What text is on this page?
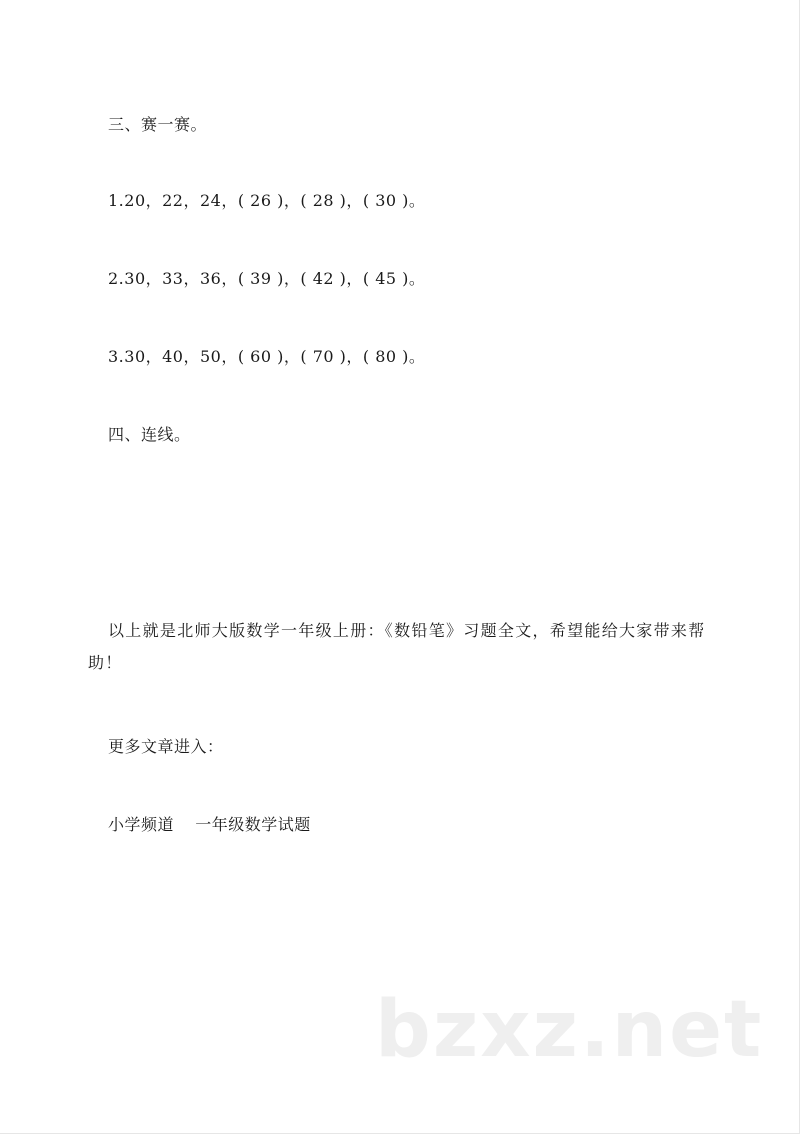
三、赛一赛。
1.20，22，24，( 26 )，( 28 )，( 30 )。
2.30，33，36，( 39 )，( 42 )，( 45 )。
3.30，40，50，( 60 )，( 70 )，( 80 )。
四、连线。
以上就是北师大版数学一年级上册：《数铅笔》习题全文，希望能给大家带来帮助！
更多文章进入：
小学频道 一年级数学试题
bzxz.net
